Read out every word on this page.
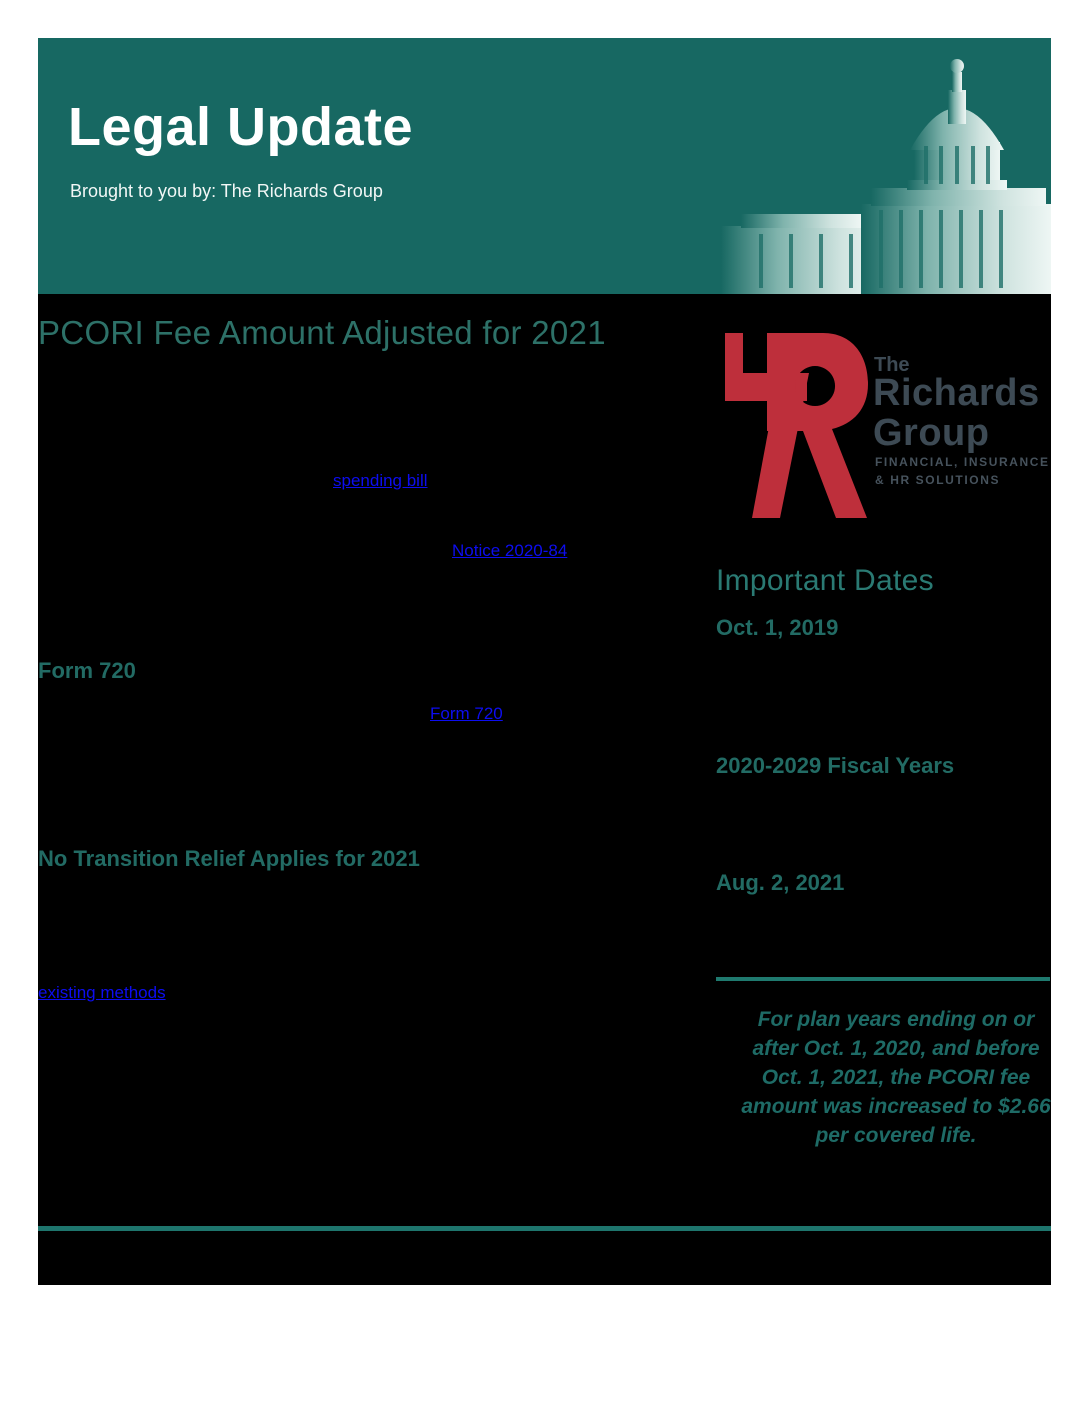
Legal Update
Brought to you by: The Richards Group
PCORI Fee Amount Adjusted for 2021
spending bill
Notice 2020-84
Form 720
Form 720
No Transition Relief Applies for 2021
existing methods
The
Richards
Group
FINANCIAL, INSURANCE
& HR SOLUTIONS
Important Dates
Oct. 1, 2019
2020-2029 Fiscal Years
Aug. 2, 2021
For plan years ending on or after Oct. 1, 2020, and before Oct. 1, 2021, the PCORI fee amount was increased to $2.66 per covered life.
